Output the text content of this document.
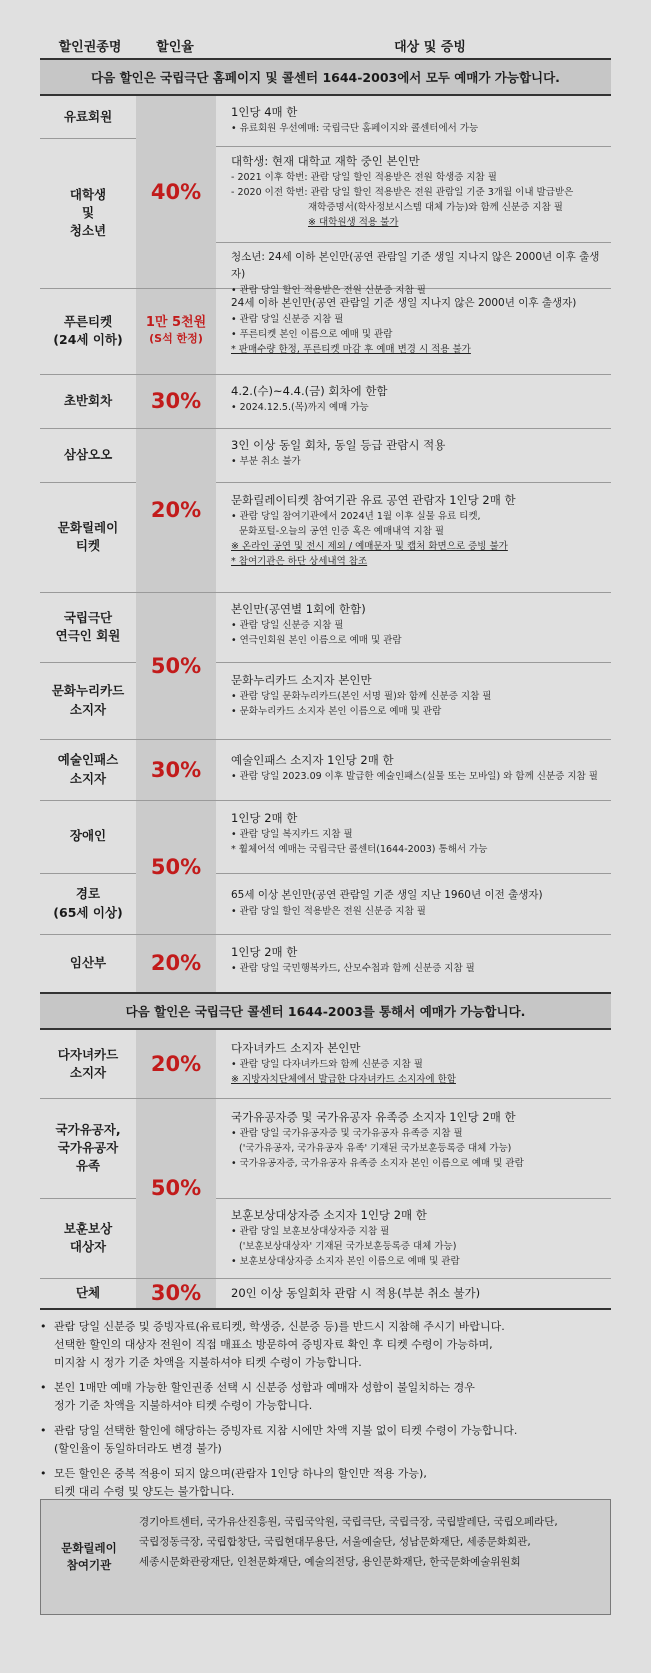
할인권종명	할인율	대상 및 증빙
다음 할인은 국립극단 홈페이지 및 콜센터 1644-2003에서 모두 예매가 가능합니다.
다음 할인은 국립극단 콜센터 1644-2003를 통해서 예매가 가능합니다.
유료회원
대학생
및
청소년
푸른티켓
(24세 이하)
초반회차
삼삼오오
문화릴레이
티켓
국립극단
연극인 회원
문화누리카드
소지자
예술인패스
소지자
장애인
경로
(65세 이상)
임산부
다자녀카드
소지자
국가유공자,
국가유공자
유족
보훈보상
대상자
단체
40%
1만 5천원
(S석 한정)
30%
20%
50%
30%
50%
20%
20%
50%
30%
1인당 4매 한
• 유료회원 우선예매: 국립극단 홈페이지와 콜센터에서 가능
대학생: 현재 대학교 재학 중인 본인만
- 2021 이후 학번: 관람 당일 할인 적용받은 전원 학생증 지참 필
- 2020 이전 학번: 관람 당일 할인 적용받은 전원 관람일 기준 3개월 이내 발급받은
재학증명서(학사정보시스템 대체 가능)와 함께 신분증 지참 필
※ 대학원생 적용 불가
청소년: 24세 이하 본인만(공연 관람일 기준 생일 지나지 않은 2000년 이후 출생자)
• 관람 당일 할인 적용받은 전원 신분증 지참 필
24세 이하 본인만(공연 관람일 기준 생일 지나지 않은 2000년 이후 출생자)
• 관람 당일 신분증 지참 필
• 푸른티켓 본인 이름으로 예매 및 관람
* 판매수량 한정, 푸른티켓 마감 후 예매 변경 시 적용 불가
4.2.(수)~4.4.(금) 회차에 한함
• 2024.12.5.(목)까지 예매 가능
3인 이상 동일 회차, 동일 등급 관람시 적용
• 부분 취소 불가
문화릴레이티켓 참여기관 유료 공연 관람자 1인당 2매 한
• 관람 당일 참여기관에서 2024년 1월 이후 실물 유료 티켓,
문화포털-오늘의 공연 인증 혹은 예매내역 지참 필
※ 온라인 공연 및 전시 제외 / 예매문자 및 캡처 화면으로 증빙 불가
* 참여기관은 하단 상세내역 참조
본인만(공연별 1회에 한함)
• 관람 당일 신분증 지참 필
• 연극인회원 본인 이름으로 예매 및 관람
문화누리카드 소지자 본인만
• 관람 당일 문화누리카드(본인 서명 필)와 함께 신분증 지참 필
• 문화누리카드 소지자 본인 이름으로 예매 및 관람
예술인패스 소지자 1인당 2매 한
• 관람 당일 2023.09 이후 발급한 예술인패스(실물 또는 모바일) 와 함께 신분증 지참 필
1인당 2매 한
• 관람 당일 복지카드 지참 필
* 휠체어석 예매는 국립극단 콜센터(1644-2003) 통해서 가능
65세 이상 본인만(공연 관람일 기준 생일 지난 1960년 이전 출생자)
• 관람 당일 할인 적용받은 전원 신분증 지참 필
1인당 2매 한
• 관람 당일 국민행복카드, 산모수첩과 함께 신분증 지참 필
다자녀카드 소지자 본인만
• 관람 당일 다자녀카드와 함께 신분증 지참 필
※ 지방자치단체에서 발급한 다자녀카드 소지자에 한함
국가유공자증 및 국가유공자 유족증 소지자 1인당 2매 한
• 관람 당일 국가유공자증 및 국가유공자 유족증 지참 필
('국가유공자, 국가유공자 유족' 기재된 국가보훈등록증 대체 가능)
• 국가유공자증, 국가유공자 유족증 소지자 본인 이름으로 예매 및 관람
보훈보상대상자증 소지자 1인당 2매 한
• 관람 당일 보훈보상대상자증 지참 필
('보훈보상대상자' 기재된 국가보훈등록증 대체 가능)
• 보훈보상대상자증 소지자 본인 이름으로 예매 및 관람
20인 이상 동일회차 관람 시 적용(부분 취소 불가)
• 관람 당일 신분증 및 증빙자료(유료티켓, 학생증, 신분증 등)를 반드시 지참해 주시기 바랍니다.
선택한 할인의 대상자 전원이 직접 매표소 방문하여 증빙자료 확인 후 티켓 수령이 가능하며,
미지참 시 정가 기준 차액을 지불하셔야 티켓 수령이 가능합니다.
• 본인 1매만 예매 가능한 할인권종 선택 시 신분증 성함과 예매자 성함이 불일치하는 경우
정가 기준 차액을 지불하셔야 티켓 수령이 가능합니다.
• 관람 당일 선택한 할인에 해당하는 증빙자료 지참 시에만 차액 지불 없이 티켓 수령이 가능합니다.
(할인율이 동일하더라도 변경 불가)
• 모든 할인은 중복 적용이 되지 않으며(관람자 1인당 하나의 할인만 적용 가능),
티켓 대리 수령 및 양도는 불가합니다.
문화릴레이
참여기관
경기아트센터, 국가유산진흥원, 국립국악원, 국립극단, 국립극장, 국립발레단, 국립오페라단,
국립정동극장, 국립합창단, 국립현대무용단, 서울예술단, 성남문화재단, 세종문화회관,
세종시문화관광재단, 인천문화재단, 예술의전당, 용인문화재단, 한국문화예술위원회
